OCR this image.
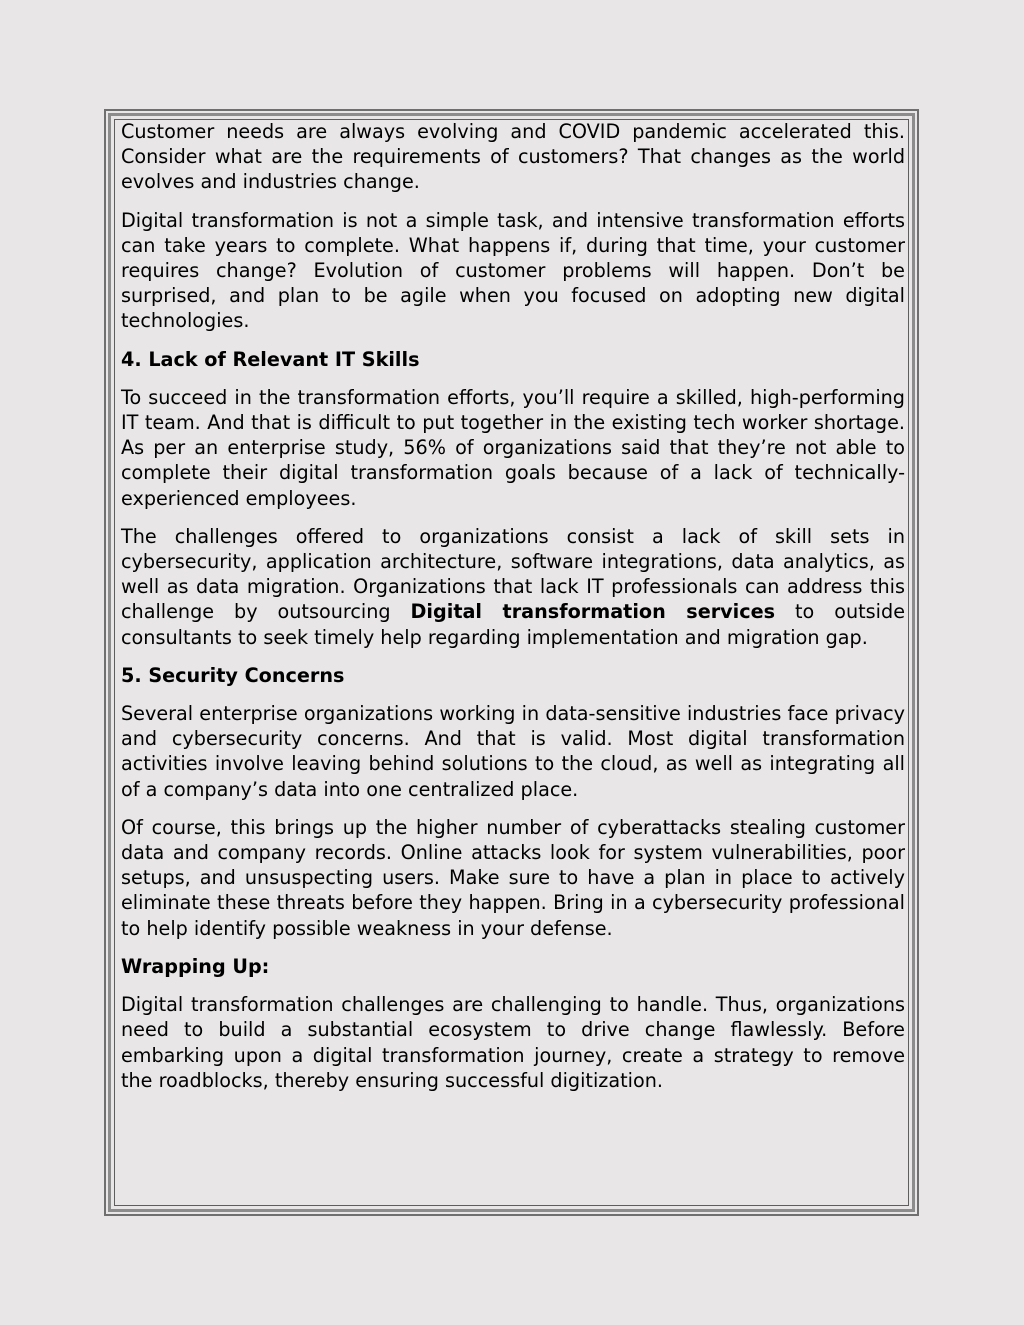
Customer needs are always evolving and COVID pandemic accelerated this. Consider what are the requirements of customers? That changes as the world evolves and industries change.

Digital transformation is not a simple task, and intensive transformation efforts can take years to complete. What happens if, during that time, your customer requires change? Evolution of customer problems will happen. Don’t be surprised, and plan to be agile when you focused on adopting new digital technologies.

4. Lack of Relevant IT Skills

To succeed in the transformation efforts, you’ll require a skilled, high-performing IT team. And that is difficult to put together in the existing tech worker shortage. As per an enterprise study, 56% of organizations said that they’re not able to complete their digital transformation goals because of a lack of technically-experienced employees.

The challenges offered to organizations consist a lack of skill sets in cybersecurity, application architecture, software integrations, data analytics, as well as data migration. Organizations that lack IT professionals can address this challenge by outsourcing Digital transformation services to outside consultants to seek timely help regarding implementation and migration gap.

5. Security Concerns

Several enterprise organizations working in data-sensitive industries face privacy and cybersecurity concerns. And that is valid. Most digital transformation activities involve leaving behind solutions to the cloud, as well as integrating all of a company’s data into one centralized place.

Of course, this brings up the higher number of cyberattacks stealing customer data and company records. Online attacks look for system vulnerabilities, poor setups, and unsuspecting users. Make sure to have a plan in place to actively eliminate these threats before they happen. Bring in a cybersecurity professional to help identify possible weakness in your defense.

Wrapping Up:

Digital transformation challenges are challenging to handle. Thus, organizations need to build a substantial ecosystem to drive change flawlessly. Before embarking upon a digital transformation journey, create a strategy to remove the roadblocks, thereby ensuring successful digitization.
